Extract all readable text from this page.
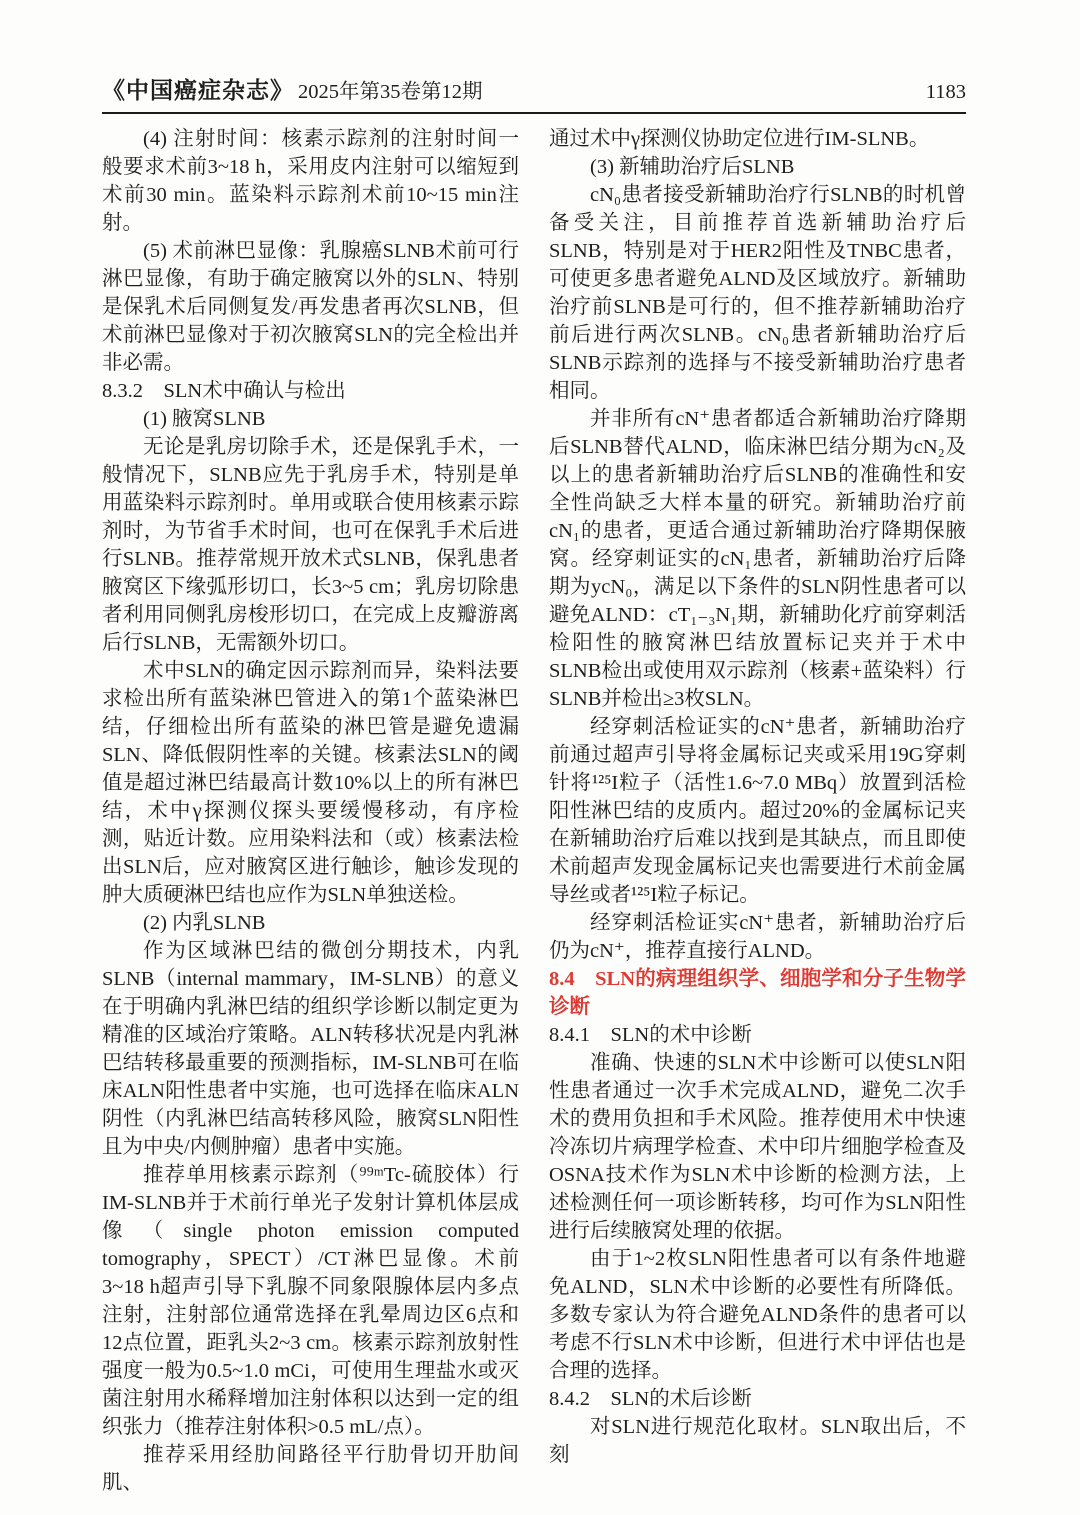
《中国癌症杂志》 2025年第35卷第12期	1183

(4) 注射时间：核素示踪剂的注射时间一般要求术前3~18 h，采用皮内注射可以缩短到术前30 min。蓝染料示踪剂术前10~15 min注射。

(5) 术前淋巴显像：乳腺癌SLNB术前可行淋巴显像，有助于确定腋窝以外的SLN、特别是保乳术后同侧复发/再发患者再次SLNB，但术前淋巴显像对于初次腋窝SLN的完全检出并非必需。

8.3.2 SLN术中确认与检出

(1) 腋窝SLNB

无论是乳房切除手术，还是保乳手术，一般情况下，SLNB应先于乳房手术，特别是单用蓝染料示踪剂时。单用或联合使用核素示踪剂时，为节省手术时间，也可在保乳手术后进行SLNB。推荐常规开放术式SLNB，保乳患者腋窝区下缘弧形切口，长3~5 cm；乳房切除患者利用同侧乳房梭形切口，在完成上皮瓣游离后行SLNB，无需额外切口。

术中SLN的确定因示踪剂而异，染料法要求检出所有蓝染淋巴管进入的第1个蓝染淋巴结，仔细检出所有蓝染的淋巴管是避免遗漏SLN、降低假阴性率的关键。核素法SLN的阈值是超过淋巴结最高计数10%以上的所有淋巴结，术中γ探测仪探头要缓慢移动，有序检测，贴近计数。应用染料法和（或）核素法检出SLN后，应对腋窝区进行触诊，触诊发现的肿大质硬淋巴结也应作为SLN单独送检。

(2) 内乳SLNB

作为区域淋巴结的微创分期技术，内乳SLNB（internal mammary，IM-SLNB）的意义在于明确内乳淋巴结的组织学诊断以制定更为精准的区域治疗策略。ALN转移状况是内乳淋巴结转移最重要的预测指标，IM-SLNB可在临床ALN阳性患者中实施，也可选择在临床ALN阴性（内乳淋巴结高转移风险，腋窝SLN阳性且为中央/内侧肿瘤）患者中实施。

推荐单用核素示踪剂（⁹⁹ᵐTc-硫胶体）行IM-SLNB并于术前行单光子发射计算机体层成像（single photon emission computed tomography，SPECT）/CT淋巴显像。术前3~18 h超声引导下乳腺不同象限腺体层内多点注射，注射部位通常选择在乳晕周边区6点和12点位置，距乳头2~3 cm。核素示踪剂放射性强度一般为0.5~1.0 mCi，可使用生理盐水或灭菌注射用水稀释增加注射体积以达到一定的组织张力（推荐注射体积>0.5 mL/点）。

推荐采用经肋间路径平行肋骨切开肋间肌、

通过术中γ探测仪协助定位进行IM-SLNB。

(3) 新辅助治疗后SLNB

cN₀患者接受新辅助治疗行SLNB的时机曾备受关注，目前推荐首选新辅助治疗后SLNB，特别是对于HER2阳性及TNBC患者，可使更多患者避免ALND及区域放疗。新辅助治疗前SLNB是可行的，但不推荐新辅助治疗前后进行两次SLNB。cN₀患者新辅助治疗后SLNB示踪剂的选择与不接受新辅助治疗患者相同。

并非所有cN⁺患者都适合新辅助治疗降期后SLNB替代ALND，临床淋巴结分期为cN₂及以上的患者新辅助治疗后SLNB的准确性和安全性尚缺乏大样本量的研究。新辅助治疗前cN₁的患者，更适合通过新辅助治疗降期保腋窝。经穿刺证实的cN₁患者，新辅助治疗后降期为ycN₀，满足以下条件的SLN阴性患者可以避免ALND：cT₁₋₃N₁期，新辅助化疗前穿刺活检阳性的腋窝淋巴结放置标记夹并于术中SLNB检出或使用双示踪剂（核素+蓝染料）行SLNB并检出≥3枚SLN。

经穿刺活检证实的cN⁺患者，新辅助治疗前通过超声引导将金属标记夹或采用19G穿刺针将¹²⁵I粒子（活性1.6~7.0 MBq）放置到活检阳性淋巴结的皮质内。超过20%的金属标记夹在新辅助治疗后难以找到是其缺点，而且即使术前超声发现金属标记夹也需要进行术前金属导丝或者¹²⁵I粒子标记。

经穿刺活检证实cN⁺患者，新辅助治疗后仍为cN⁺，推荐直接行ALND。

8.4 SLN的病理组织学、细胞学和分子生物学诊断

8.4.1 SLN的术中诊断

准确、快速的SLN术中诊断可以使SLN阳性患者通过一次手术完成ALND，避免二次手术的费用负担和手术风险。推荐使用术中快速冷冻切片病理学检查、术中印片细胞学检查及OSNA技术作为SLN术中诊断的检测方法，上述检测任何一项诊断转移，均可作为SLN阳性进行后续腋窝处理的依据。

由于1~2枚SLN阳性患者可以有条件地避免ALND，SLN术中诊断的必要性有所降低。多数专家认为符合避免ALND条件的患者可以考虑不行SLN术中诊断，但进行术中评估也是合理的选择。

8.4.2 SLN的术后诊断

对SLN进行规范化取材。SLN取出后，不刻
